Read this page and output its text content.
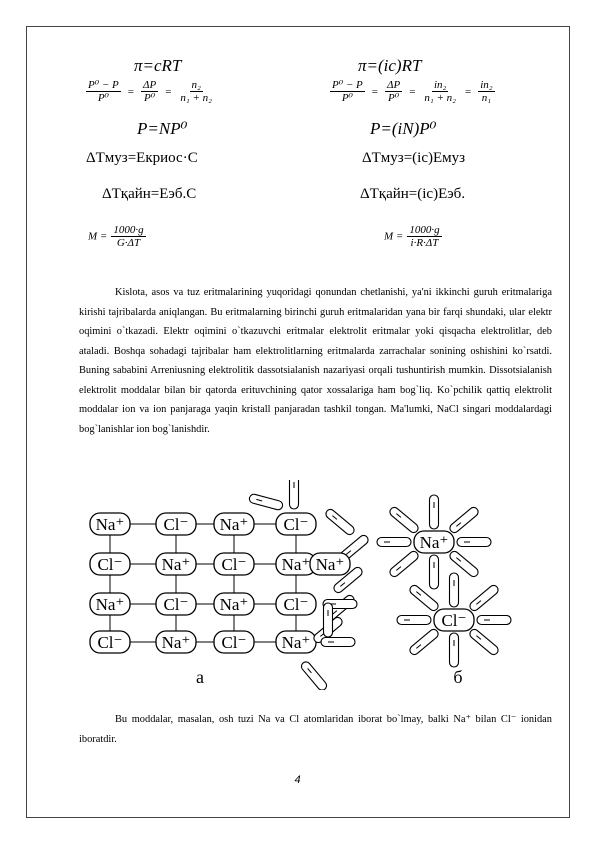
π=cRT
$\frac{\text{P⁰ − P}}{\text{P⁰}} = \frac{\Delta P}{\text{P⁰}} = \frac{\text{n₂}}{\text{n₁ + n₂}}$
P=NP⁰
ΔTмуз=Eкриос·C
ΔTқайн=Eэб.C
$M = \frac{1000\cdot g}{G\cdot\Delta T}$
π=(ic)RT
$\frac{\text{P⁰ − P}}{\text{P⁰}} = \frac{\Delta P}{\text{P⁰}} = \frac{\text{in₂}}{\text{n₁ + n₂}} = \frac{\text{in₂}}{\text{n₁}}$
P=(iN)P⁰
ΔTмуз=(ic)Eмуз
ΔTқайн=(ic)Eэб.
$M = \frac{1000\cdot g}{i\cdot R\cdot\Delta T}$
Kislota, asos va tuz eritmalarining yuqoridagi qonundan chetlanishi, ya'ni ikkinchi guruh eritmalariga kirishi tajribalarda aniqlangan. Bu eritmalarning birinchi guruh eritmalaridan yana bir farqi shundaki, ular elektr oqimini o`tkazadi. Elektr oqimini o`tkazuvchi eritmalar elektrolit eritmalar yoki qisqacha elektrolitlar, deb ataladi. Boshqa sohadagi tajribalar ham elektrolitlarning eritmalarda zarrachalar sonining oshishini ko`rsatdi. Buning sababini Arreniusning elektrolitik dassotsialanish nazariyasi orqali tushuntirish mumkin. Dissotsialanish elektrolit moddalar bilan bir qatorda erituvchining qator xossalariga ham bog`liq. Ko`pchilik qattiq elektrolit moddalar ion va ion panjaraga yaqin kristall panjaradan tashkil tongan. Ma'lumki, NaCl singari moddalardagi bog`lanishlar ion bog`lanishdir.
Na⁺ Cl⁻ Na⁺ Cl⁻
Cl⁻ Na⁺ Cl⁻ Na⁺
Na⁺ Cl⁻ Na⁺ Cl⁻
Cl⁻ Na⁺ Cl⁻ Na⁺
Na⁺
Na⁺
Cl⁻
a	б
Bu moddalar, masalan, osh tuzi Na va Cl atomlaridan iborat bo`lmay, balki Na⁺ bilan Cl⁻ ionidan iboratdir.
4
